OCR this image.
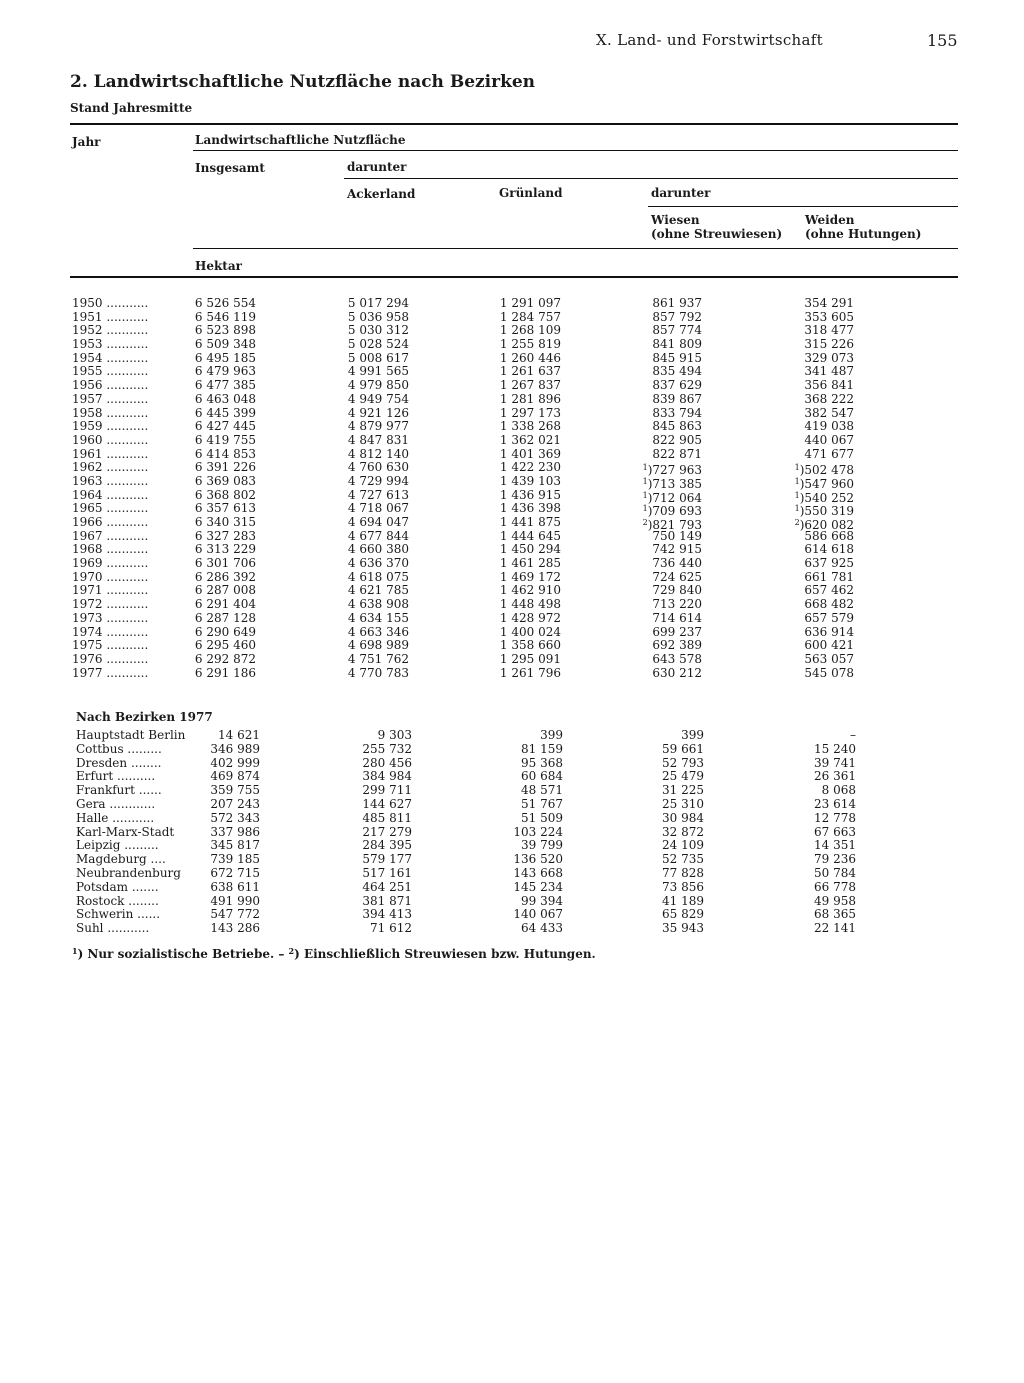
X. Land- und Forstwirtschaft	155
2. Landwirtschaftliche Nutzfläche nach Bezirken
Stand Jahresmitte
Jahr	Landwirtschaftliche Nutzfläche
Insgesamt	darunter
Ackerland	Grünland	darunter
Wiesen
(ohne Streuwiesen)
Weiden
(ohne Hutungen)
Hektar
1950 ...........	6 526 554	5 017 294	1 291 097	861 937	354 291
1951 ...........	6 546 119	5 036 958	1 284 757	857 792	353 605
1952 ...........	6 523 898	5 030 312	1 268 109	857 774	318 477
1953 ...........	6 509 348	5 028 524	1 255 819	841 809	315 226
1954 ...........	6 495 185	5 008 617	1 260 446	845 915	329 073
1955 ...........	6 479 963	4 991 565	1 261 637	835 494	341 487
1956 ...........	6 477 385	4 979 850	1 267 837	837 629	356 841
1957 ...........	6 463 048	4 949 754	1 281 896	839 867	368 222
1958 ...........	6 445 399	4 921 126	1 297 173	833 794	382 547
1959 ...........	6 427 445	4 879 977	1 338 268	845 863	419 038
1960 ...........	6 419 755	4 847 831	1 362 021	822 905	440 067
1961 ...........	6 414 853	4 812 140	1 401 369	822 871	471 677
1962 ...........	6 391 226	4 760 630	1 422 230	$^1$)727 963	$^1$)502 478
1963 ...........	6 369 083	4 729 994	1 439 103	$^1$)713 385	$^1$)547 960
1964 ...........	6 368 802	4 727 613	1 436 915	$^1$)712 064	$^1$)540 252
1965 ...........	6 357 613	4 718 067	1 436 398	$^1$)709 693	$^1$)550 319
1966 ...........	6 340 315	4 694 047	1 441 875	$^2$)821 793	$^2$)620 082
1967 ...........	6 327 283	4 677 844	1 444 645	750 149	586 668
1968 ...........	6 313 229	4 660 380	1 450 294	742 915	614 618
1969 ...........	6 301 706	4 636 370	1 461 285	736 440	637 925
1970 ...........	6 286 392	4 618 075	1 469 172	724 625	661 781
1971 ...........	6 287 008	4 621 785	1 462 910	729 840	657 462
1972 ...........	6 291 404	4 638 908	1 448 498	713 220	668 482
1973 ...........	6 287 128	4 634 155	1 428 972	714 614	657 579
1974 ...........	6 290 649	4 663 346	1 400 024	699 237	636 914
1975 ...........	6 295 460	4 698 989	1 358 660	692 389	600 421
1976 ...........	6 292 872	4 751 762	1 295 091	643 578	563 057
1977 ...........	6 291 186	4 770 783	1 261 796	630 212	545 078
Nach Bezirken 1977
Hauptstadt Berlin	14 621	9 303	399	399	–
Cottbus .........	346 989	255 732	81 159	59 661	15 240
Dresden ........	402 999	280 456	95 368	52 793	39 741
Erfurt ..........	469 874	384 984	60 684	25 479	26 361
Frankfurt ......	359 755	299 711	48 571	31 225	8 068
Gera ............	207 243	144 627	51 767	25 310	23 614
Halle ...........	572 343	485 811	51 509	30 984	12 778
Karl-Marx-Stadt	337 986	217 279	103 224	32 872	67 663
Leipzig .........	345 817	284 395	39 799	24 109	14 351
Magdeburg ....	739 185	579 177	136 520	52 735	79 236
Neubrandenburg 672 715	517 161	143 668	77 828	50 784
Potsdam .......	638 611	464 251	145 234	73 856	66 778
Rostock ........	491 990	381 871	99 394	41 189	49 958
Schwerin ......	547 772	394 413	140 067	65 829	68 365
Suhl ...........	143 286	71 612	64 433	35 943	22 141
$^1$) Nur sozialistische Betriebe. – $^2$) Einschließlich Streuwiesen bzw. Hutungen.
